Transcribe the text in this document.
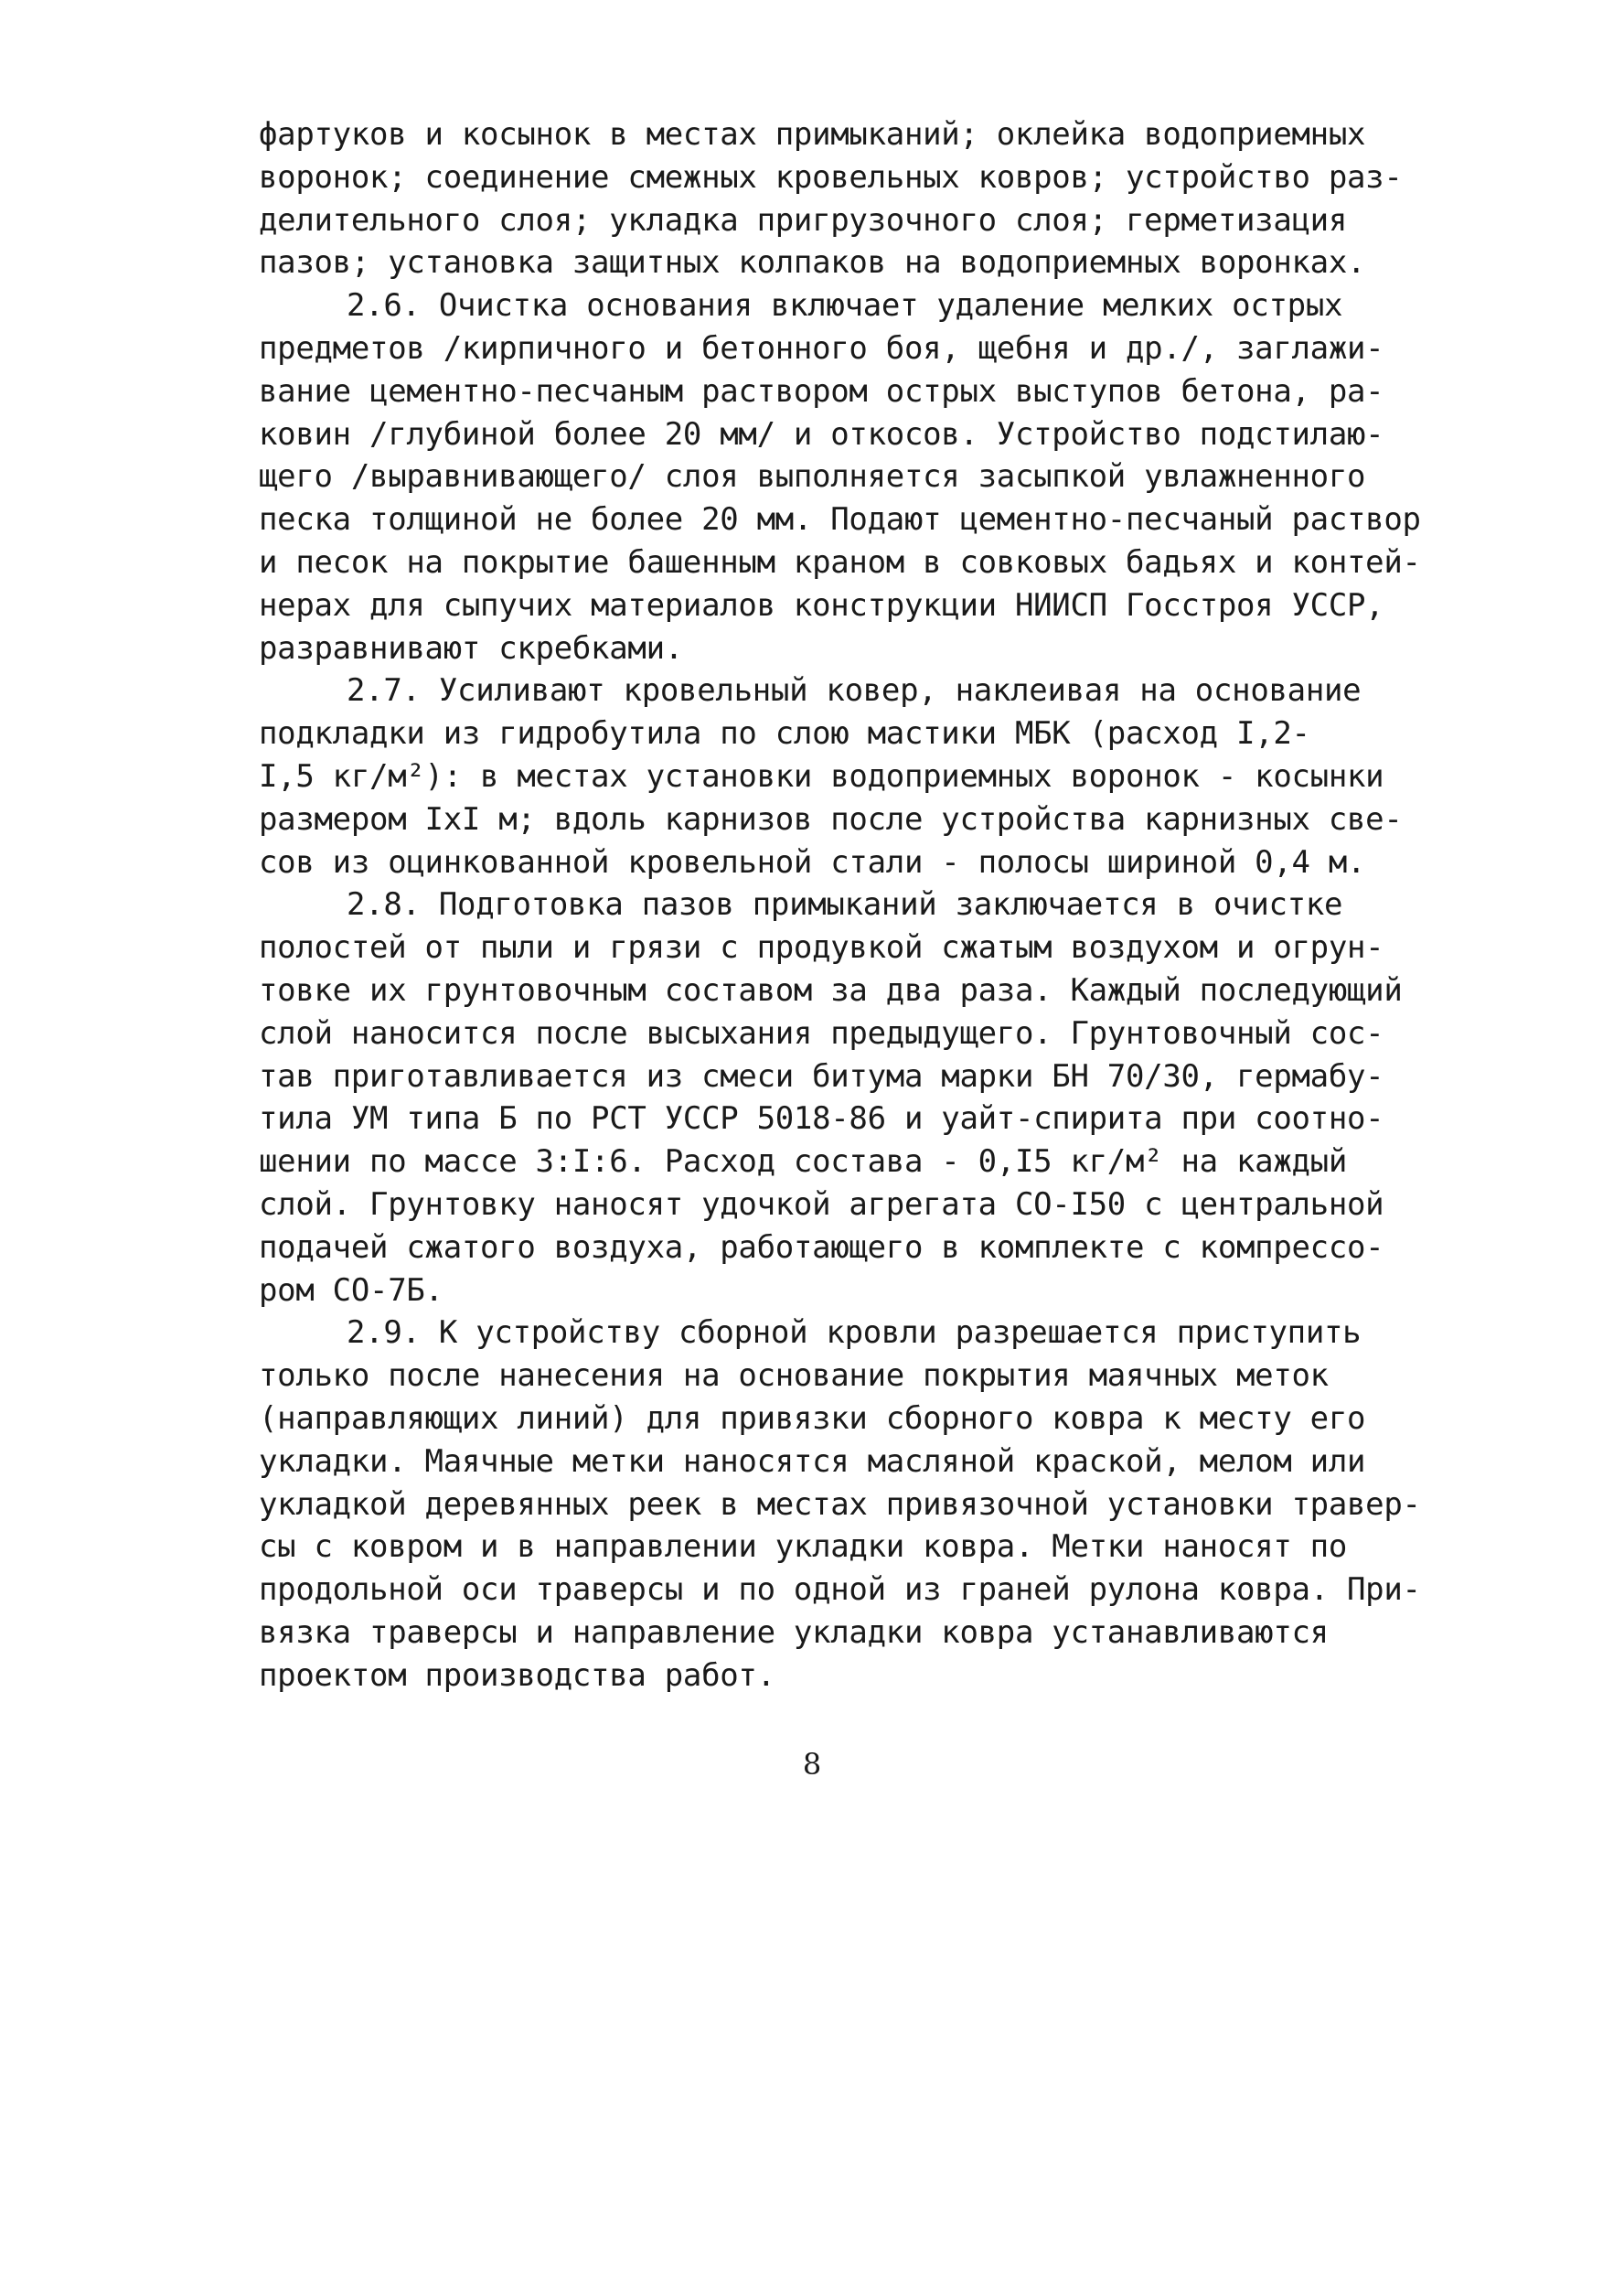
фартуков и косынок в местах примыканий; оклейка водоприемных
воронок; соединение смежных кровельных ковров; устройство раз-
делительного слоя; укладка пригрузочного слоя; герметизация
пазов; установка защитных колпаков на водоприемных воронках.
2.6. Очистка основания включает удаление мелких острых
предметов /кирпичного и бетонного боя, щебня и др./, заглажи-
вание цементно-песчаным раствором острых выступов бетона, ра-
ковин /глубиной более 20 мм/ и откосов. Устройство подстилаю-
щего /выравнивающего/ слоя выполняется засыпкой увлажненного
песка толщиной не более 20 мм. Подают цементно-песчаный раствор
и песок на покрытие башенным краном в совковых бадьях и контей-
нерах для сыпучих материалов конструкции НИИСП Госстроя УССР,
разравнивают скребками.
2.7. Усиливают кровельный ковер, наклеивая на основание
подкладки из гидробутила по слою мастики МБК (расход I,2-
I,5 кг/м²): в местах установки водоприемных воронок - косынки
размером IxI м; вдоль карнизов после устройства карнизных све-
сов из оцинкованной кровельной стали - полосы шириной 0,4 м.
2.8. Подготовка пазов примыканий заключается в очистке
полостей от пыли и грязи с продувкой сжатым воздухом и огрун-
товке их грунтовочным составом за два раза. Каждый последующий
слой наносится после высыхания предыдущего. Грунтовочный сос-
тав приготавливается из смеси битума марки БН 70/30, гермабу-
тила УМ типа Б по РСТ УССР 5018-86 и уайт-спирита при соотно-
шении по массе 3:I:6. Расход состава - 0,I5 кг/м² на каждый
слой. Грунтовку наносят удочкой агрегата СО-I50 с центральной
подачей сжатого воздуха, работающего в комплекте с компрессо-
ром СО-7Б.
2.9. К устройству сборной кровли разрешается приступить
только после нанесения на основание покрытия маячных меток
(направляющих линий) для привязки сборного ковра к месту его
укладки. Маячные метки наносятся масляной краской, мелом или
укладкой деревянных реек в местах привязочной установки травер-
сы с ковром и в направлении укладки ковра. Метки наносят по
продольной оси траверсы и по одной из граней рулона ковра. При-
вязка траверсы и направление укладки ковра устанавливаются
проектом производства работ.
8
